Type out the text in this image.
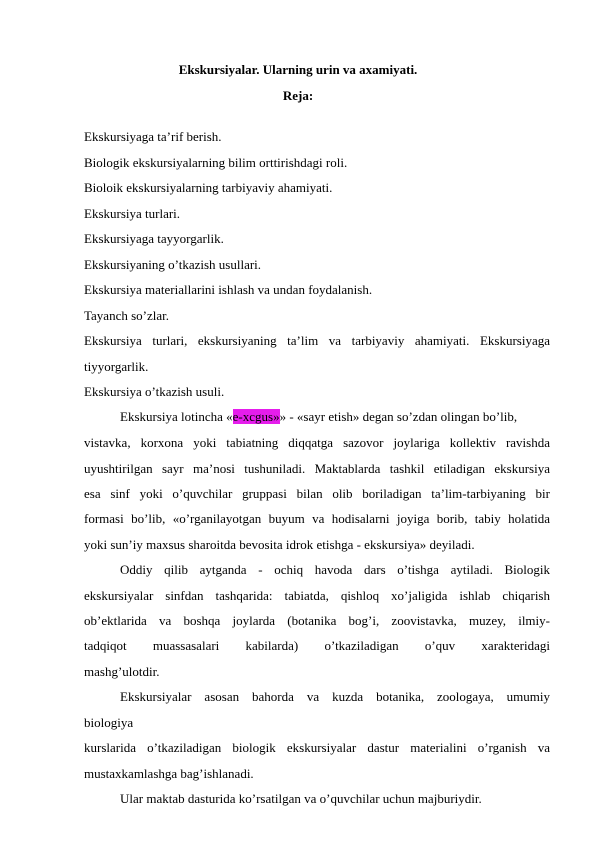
Ekskursiyalar. Ularning urin va axamiyati.
Reja:
Ekskursiyaga ta’rif berish.
Biologik ekskursiyalarning bilim orttirishdagi roli.
Bioloik ekskursiyalarning tarbiyaviy ahamiyati.
Ekskursiya turlari.
Ekskursiyaga tayyorgarlik.
Ekskursiyaning o’tkazish usullari.
Ekskursiya materiallarini ishlash va undan foydalanish.
Tayanch so’zlar.
Ekskursiya turlari, ekskursiyaning ta’lim va tarbiyaviy ahamiyati. Ekskursiyaga
tiyyorgarlik.
Ekskursiya o’tkazish usuli.
Ekskursiya lotincha «e-xcgus»» - «sayr etish» degan so’zdan olingan bo’lib,
vistavka, korxona yoki tabiatning diqqatga sazovor joylariga kollektiv ravishda
uyushtirilgan sayr ma’nosi tushuniladi. Maktablarda tashkil etiladigan ekskursiya
esa sinf yoki o’quvchilar gruppasi bilan olib boriladigan ta’lim-tarbiyaning bir
formasi bo’lib, «o’rganilayotgan buyum va hodisalarni joyiga borib, tabiy holatida
yoki sun’iy maxsus sharoitda bevosita idrok etishga - ekskursiya» deyiladi.
Oddiy qilib aytganda - ochiq havoda dars o’tishga aytiladi. Biologik
ekskursiyalar sinfdan tashqarida: tabiatda, qishloq xo’jaligida ishlab chiqarish
ob’ektlarida va boshqa joylarda (botanika bog’i, zoovistavka, muzey, ilmiy-
tadqiqot muassasalari kabilarda) o’tkaziladigan o’quv xarakteridagi
mashg’ulotdir.
Ekskursiyalar asosan bahorda va kuzda botanika, zoologaya, umumiy
biologiya
kurslarida o’tkaziladigan biologik ekskursiyalar dastur materialini o’rganish va
mustaxkamlashga bag’ishlanadi.
Ular maktab dasturida ko’rsatilgan va o’quvchilar uchun majburiydir.
